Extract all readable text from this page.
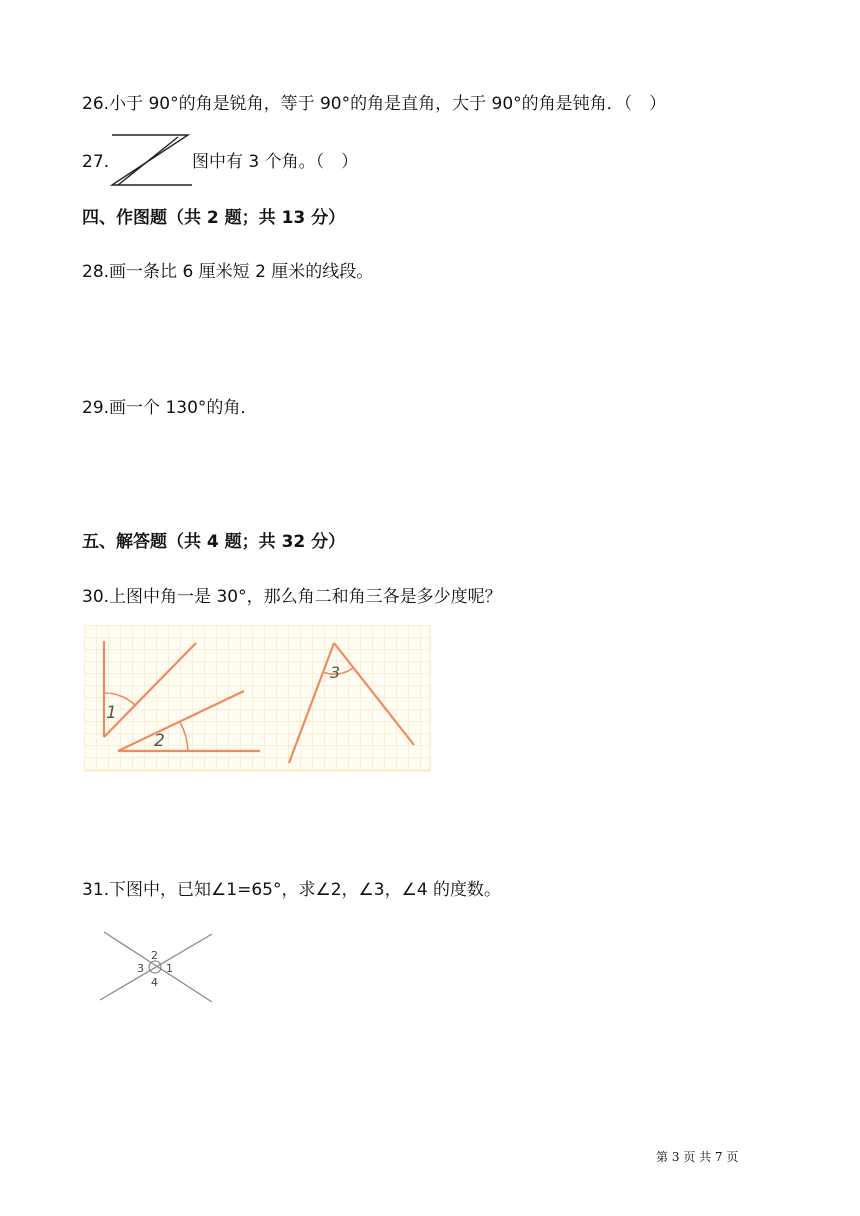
26.小于 90°的角是锐角，等于 90°的角是直角，大于 90°的角是钝角．（　）
27.	图中有 3 个角。（　）
四、作图题（共 2 题；共 13 分）
28.画一条比 6 厘米短 2 厘米的线段。
29.画一个 130°的角．
五、解答题（共 4 题；共 32 分）
30.上图中角一是 30°，那么角二和角三各是多少度呢？
1
2
3
31.下图中，已知∠1=65°，求∠2，∠3，∠4 的度数。
2
3 1
4
第 3 页 共 7 页
